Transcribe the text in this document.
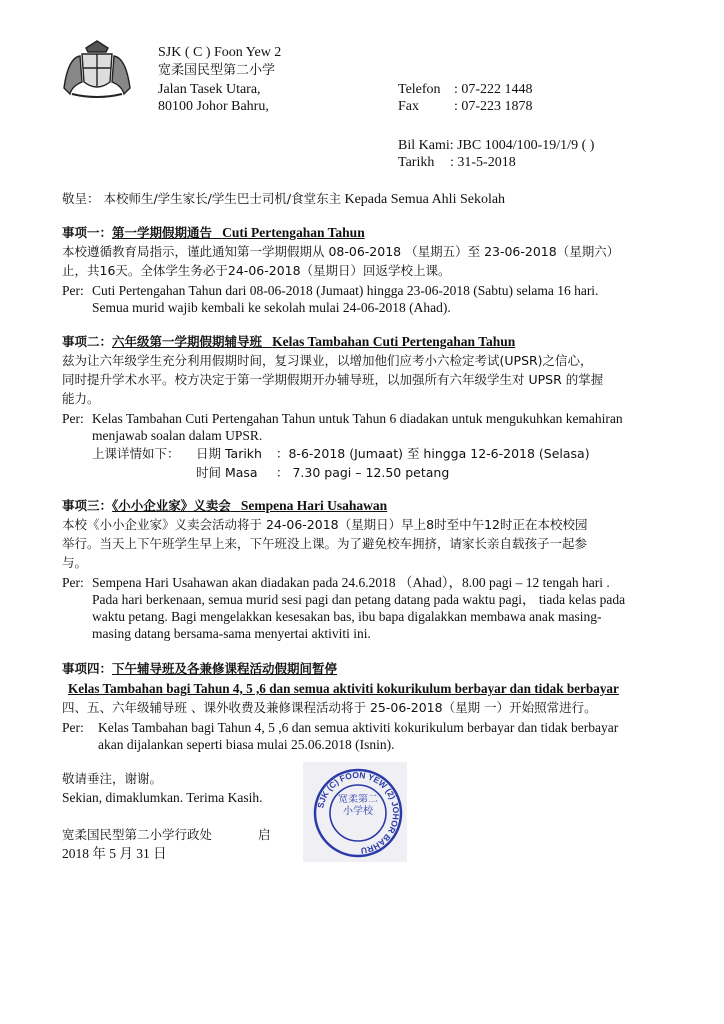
SJK ( C ) Foon Yew 2
宽柔国民型第二小学
Jalan Tasek Utara,
80100 Johor Bahru,
Telefon : 07-222 1448
Fax	: 07-223 1878
Bil Kami: JBC 1004/100-19/1/9 ( )
Tarikh : 31-5-2018
敬呈： 本校师生/学生家长/学生巴士司机/食堂东主 Kepada Semua Ahli Sekolah
事项一：第一学期假期通告 Cuti Pertengahan Tahun
本校遵循教育局指示，谨此通知第一学期假期从 08-06-2018 （星期五）至 23-06-2018（星期六）
止，共16天。全体学生务必于24-06-2018（星期日）回返学校上课。
Per: Cuti Pertengahan Tahun dari 08-06-2018 (Jumaat) hingga 23-06-2018 (Sabtu) selama 16 hari.
Semua murid wajib kembali ke sekolah mulai 24-06-2018 (Ahad).
事项二：六年级第一学期假期辅导班 Kelas Tambahan Cuti Pertengahan Tahun
兹为让六年级学生充分利用假期时间，复习课业，以增加他们应考小六检定考试(UPSR)之信心，
同时提升学术水平。校方决定于第一学期假期开办辅导班，以加强所有六年级学生对 UPSR 的掌握
能力。
Per: Kelas Tambahan Cuti Pertengahan Tahun untuk Tahun 6 diadakan untuk mengukuhkan kemahiran
menjawab soalan dalam UPSR.
上课详情如下： 日期 Tarikh ：8-6-2018 (Jumaat) 至 hingga 12-6-2018 (Selasa)
时间 Masa ： 7.30 pagi – 12.50 petang
事项三：《小小企业家》义卖会 Sempena Hari Usahawan
本校《小小企业家》义卖会活动将于 24-06-2018（星期日）早上8时至中午12时正在本校校园
举行。当天上下午班学生早上来，下午班没上课。为了避免校车拥挤，请家长亲自载孩子一起参
与。
Per: Sempena Hari Usahawan akan diadakan pada 24.6.2018 （Ahad），8.00 pagi – 12 tengah hari .
Pada hari berkenaan, semua murid sesi pagi dan petang datang pada waktu pagi， tiada kelas pada
waktu petang. Bagi mengelakkan kesesakan bas, ibu bapa digalakkan membawa anak masing-
masing datang bersama-sama menyertai aktiviti ini.
事项四：下午辅导班及各兼修课程活动假期间暂停
Kelas Tambahan bagi Tahun 4, 5 ,6 dan semua aktiviti kokurikulum berbayar dan tidak berbayar
四、五、六年级辅导班 、课外收费及兼修课程活动将于 25-06-2018（星期 一）开始照常进行。
Per: Kelas Tambahan bagi Tahun 4, 5 ,6 dan semua aktiviti kokurikulum berbayar dan tidak berbayar
akan dijalankan seperti biasa mulai 25.06.2018 (Isnin).
敬请垂注，谢谢。
Sekian, dimaklumkan. Terima Kasih.
宽柔国民型第二小学行政处	启
2018 年 5 月 31 日
SJK (C) FOON YEW (2) JOHOR BAHRU
宽柔第二小学校
